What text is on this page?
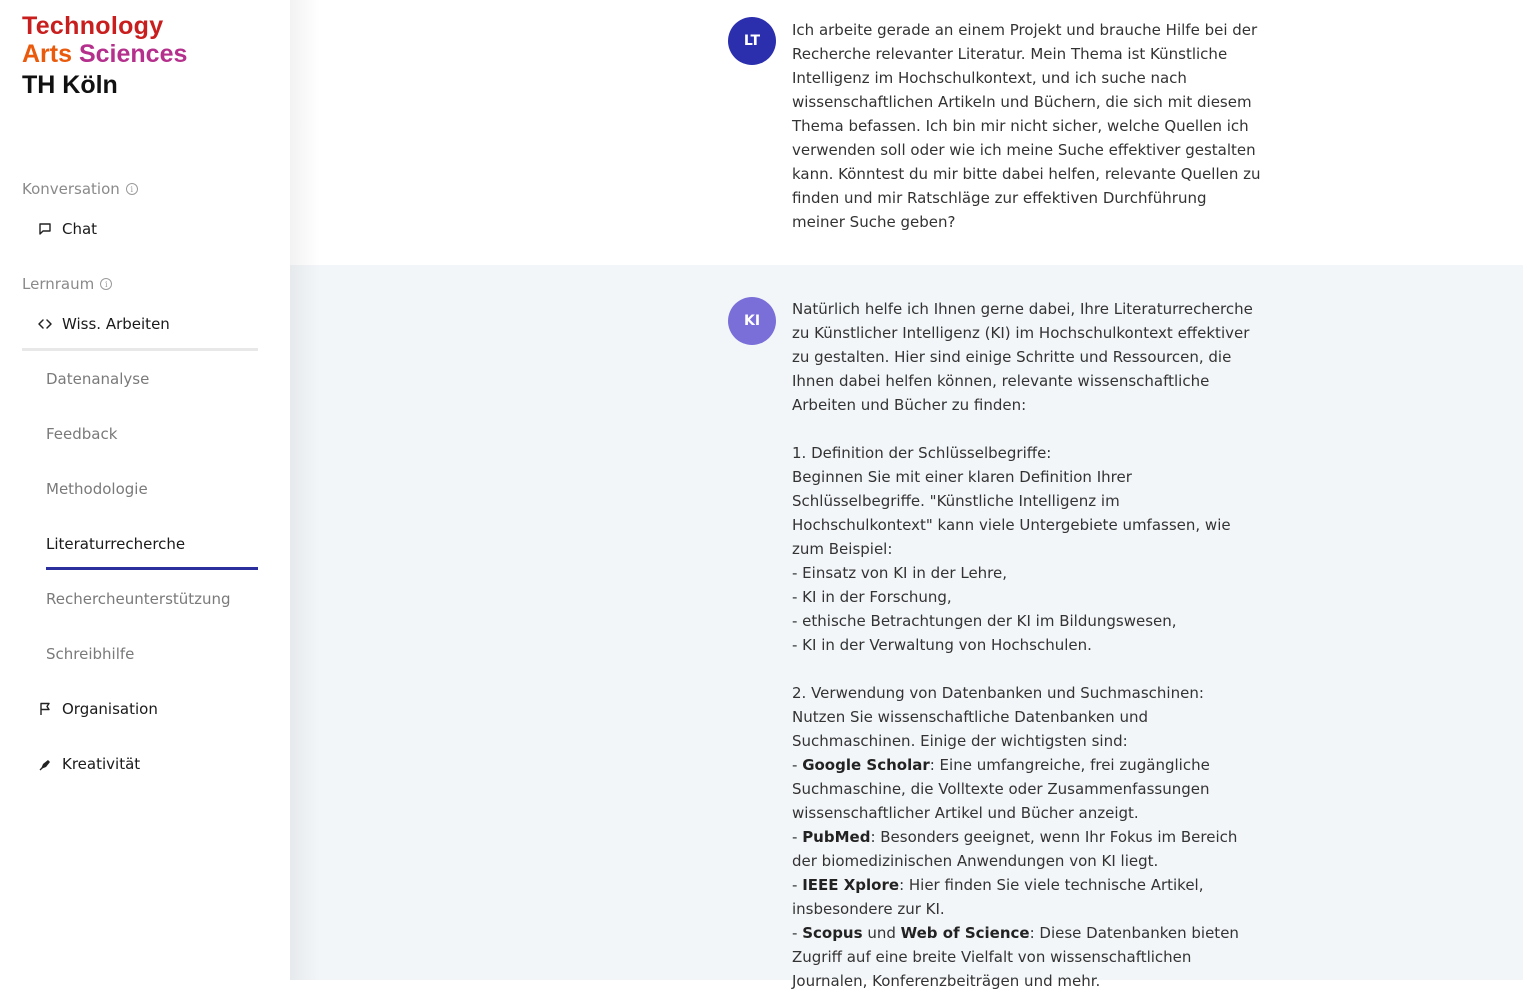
Technology
Arts Sciences
TH Köln
Konversation	i
Chat
Lernraum	i
Wiss. Arbeiten
Datenanalyse
Feedback
Methodologie
Literaturrecherche
Rechercheunterstützung
Schreibhilfe
Organisation
Kreativität
LT
Ich arbeite gerade an einem Projekt und brauche Hilfe bei der Recherche relevanter Literatur. Mein Thema ist Künstliche Intelligenz im Hochschulkontext, und ich suche nach wissenschaftlichen Artikeln und Büchern, die sich mit diesem Thema befassen. Ich bin mir nicht sicher, welche Quellen ich verwenden soll oder wie ich meine Suche effektiver gestalten kann. Könntest du mir bitte dabei helfen, relevante Quellen zu finden und mir Ratschläge zur effektiven Durchführung meiner Suche geben?
KI
Natürlich helfe ich Ihnen gerne dabei, Ihre Literaturrecherche zu Künstlicher Intelligenz (KI) im Hochschulkontext effektiver zu gestalten. Hier sind einige Schritte und Ressourcen, die Ihnen dabei helfen können, relevante wissenschaftliche Arbeiten und Bücher zu finden:

1. Definition der Schlüsselbegriffe:
Beginnen Sie mit einer klaren Definition Ihrer Schlüsselbegriffe. "Künstliche Intelligenz im Hochschulkontext" kann viele Untergebiete umfassen, wie zum Beispiel:
- Einsatz von KI in der Lehre,
- KI in der Forschung,
- ethische Betrachtungen der KI im Bildungswesen,
- KI in der Verwaltung von Hochschulen.

2. Verwendung von Datenbanken und Suchmaschinen:
Nutzen Sie wissenschaftliche Datenbanken und Suchmaschinen. Einige der wichtigsten sind:
- Google Scholar: Eine umfangreiche, frei zugängliche Suchmaschine, die Volltexte oder Zusammenfassungen wissenschaftlicher Artikel und Bücher anzeigt.
- PubMed: Besonders geeignet, wenn Ihr Fokus im Bereich der biomedizinischen Anwendungen von KI liegt.
- IEEE Xplore: Hier finden Sie viele technische Artikel, insbesondere zur KI.
- Scopus und Web of Science: Diese Datenbanken bieten Zugriff auf eine breite Vielfalt von wissenschaftlichen Journalen, Konferenzbeiträgen und mehr.
